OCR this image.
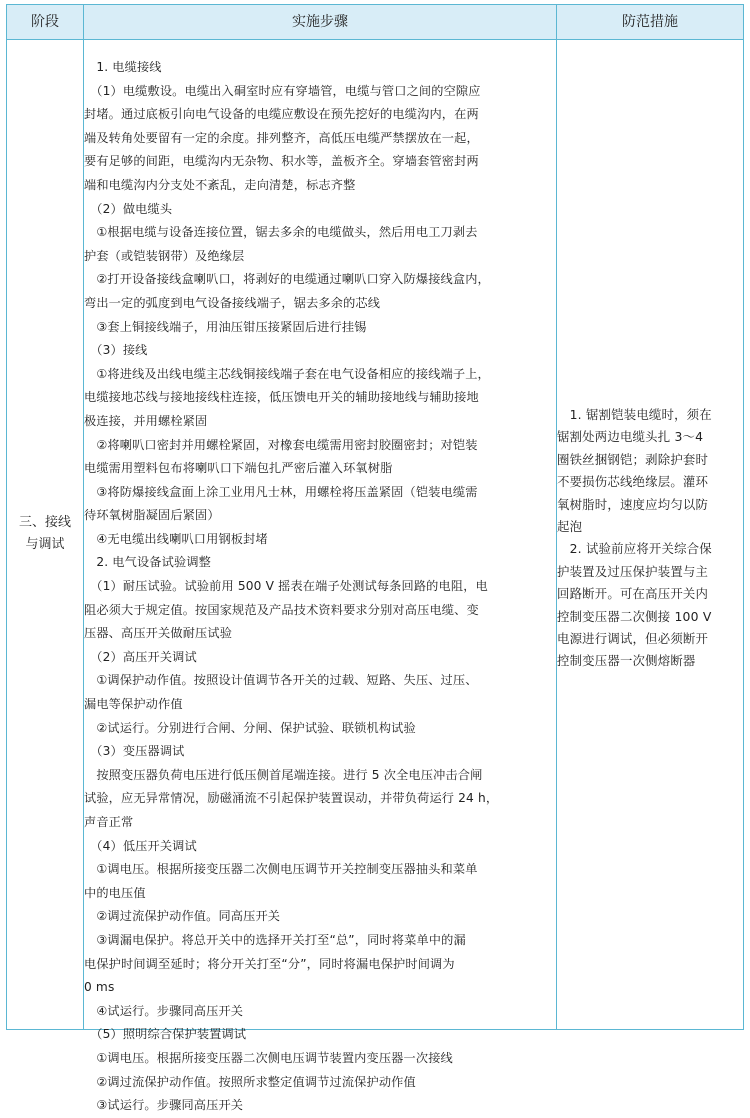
阶段	实施步骤	防范措施
三、接线
与调试
　1. 电缆接线
　（1）电缆敷设。电缆出入硐室时应有穿墙管，电缆与管口之间的空隙应
封堵。通过底板引向电气设备的电缆应敷设在预先挖好的电缆沟内，在两
端及转角处要留有一定的余度。排列整齐，高低压电缆严禁摆放在一起，
要有足够的间距，电缆沟内无杂物、积水等，盖板齐全。穿墙套管密封两
端和电缆沟内分支处不紊乱，走向清楚，标志齐整
　（2）做电缆头
　①根据电缆与设备连接位置，锯去多余的电缆做头，然后用电工刀剥去
护套（或铠装钢带）及绝缘层
　②打开设备接线盒喇叭口，将剥好的电缆通过喇叭口穿入防爆接线盒内，
弯出一定的弧度到电气设备接线端子，锯去多余的芯线
　③套上铜接线端子，用油压钳压接紧固后进行挂锡
　（3）接线
　①将进线及出线电缆主芯线铜接线端子套在电气设备相应的接线端子上，
电缆接地芯线与接地接线柱连接，低压馈电开关的辅助接地线与辅助接地
极连接，并用螺栓紧固
　②将喇叭口密封并用螺栓紧固，对橡套电缆需用密封胶圈密封；对铠装
电缆需用塑料包布将喇叭口下端包扎严密后灌入环氧树脂
　③将防爆接线盒面上涂工业用凡士林，用螺栓将压盖紧固（铠装电缆需
待环氧树脂凝固后紧固）
　④无电缆出线喇叭口用钢板封堵
　2. 电气设备试验调整
　（1）耐压试验。试验前用 500 V 摇表在端子处测试每条回路的电阻，电
阻必须大于规定值。按国家规范及产品技术资料要求分别对高压电缆、变
压器、高压开关做耐压试验
　（2）高压开关调试
　①调保护动作值。按照设计值调节各开关的过载、短路、失压、过压、
漏电等保护动作值
　②试运行。分别进行合闸、分闸、保护试验、联锁机构试验
　（3）变压器调试
　按照变压器负荷电压进行低压侧首尾端连接。进行 5 次全电压冲击合闸
试验，应无异常情况，励磁涌流不引起保护装置误动，并带负荷运行 24 h，
声音正常
　（4）低压开关调试
　①调电压。根据所接变压器二次侧电压调节开关控制变压器抽头和菜单
中的电压值
　②调过流保护动作值。同高压开关
　③调漏电保护。将总开关中的选择开关打至“总”，同时将菜单中的漏
电保护时间调至延时；将分开关打至“分”，同时将漏电保护时间调为
0 ms
　④试运行。步骤同高压开关
　（5）照明综合保护装置调试
　①调电压。根据所接变压器二次侧电压调节装置内变压器一次接线
　②调过流保护动作值。按照所求整定值调节过流保护动作值
　③试运行。步骤同高压开关
　1. 锯割铠装电缆时，须在
锯割处两边电缆头扎 3～4
圈铁丝捆钢铠；剥除护套时
不要损伤芯线绝缘层。灌环
氧树脂时，速度应均匀以防
起泡
　2. 试验前应将开关综合保
护装置及过压保护装置与主
回路断开。可在高压开关内
控制变压器二次侧接 100 V
电源进行调试，但必须断开
控制变压器一次侧熔断器
